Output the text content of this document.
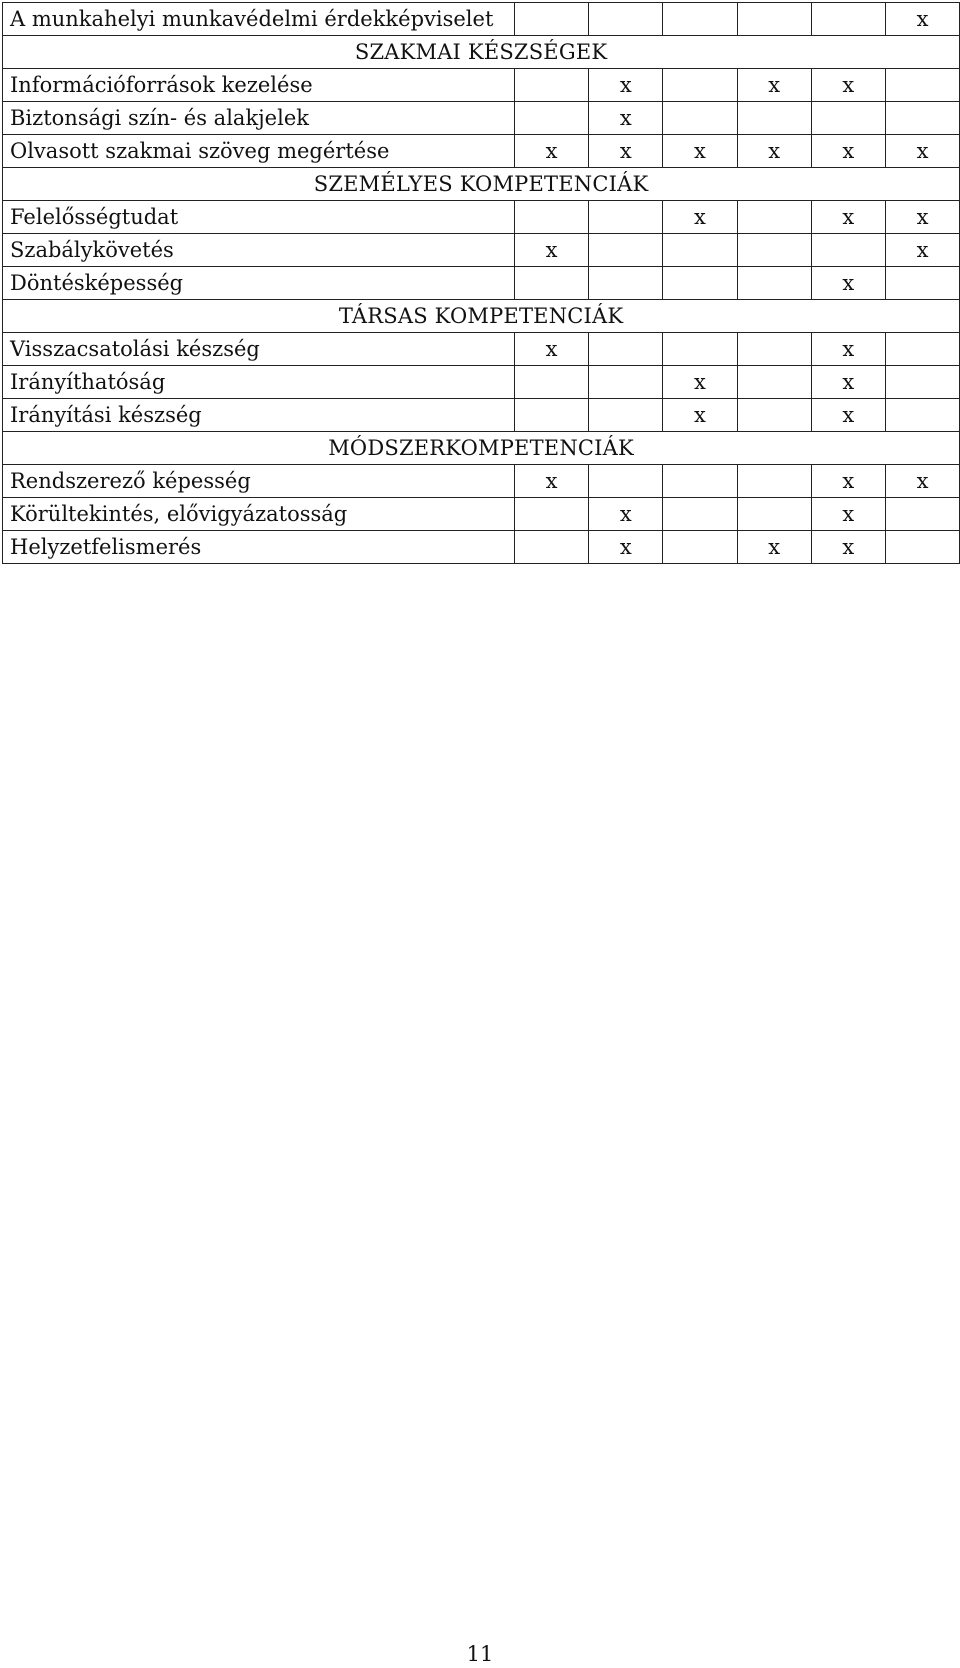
A munkahelyi munkavédelmi érdekképviselet						x
SZAKMAI KÉSZSÉGEK						
Információforrások kezelése		x		x	x	
Biztonsági szín- és alakjelek		x				
Olvasott szakmai szöveg megértése	x	x	x	x	x	x
SZEMÉLYES KOMPETENCIÁK						
Felelősségtudat			x		x	x
Szabálykövetés	x					x
Döntésképesség					x	
TÁRSAS KOMPETENCIÁK						
Visszacsatolási készség	x				x	
Irányíthatóság			x		x	
Irányítási készség			x		x	
MÓDSZERKOMPETENCIÁK						
Rendszerező képesség	x				x	x
Körültekintés, elővigyázatosság		x			x	
Helyzetfelismerés		x		x	x	
11
